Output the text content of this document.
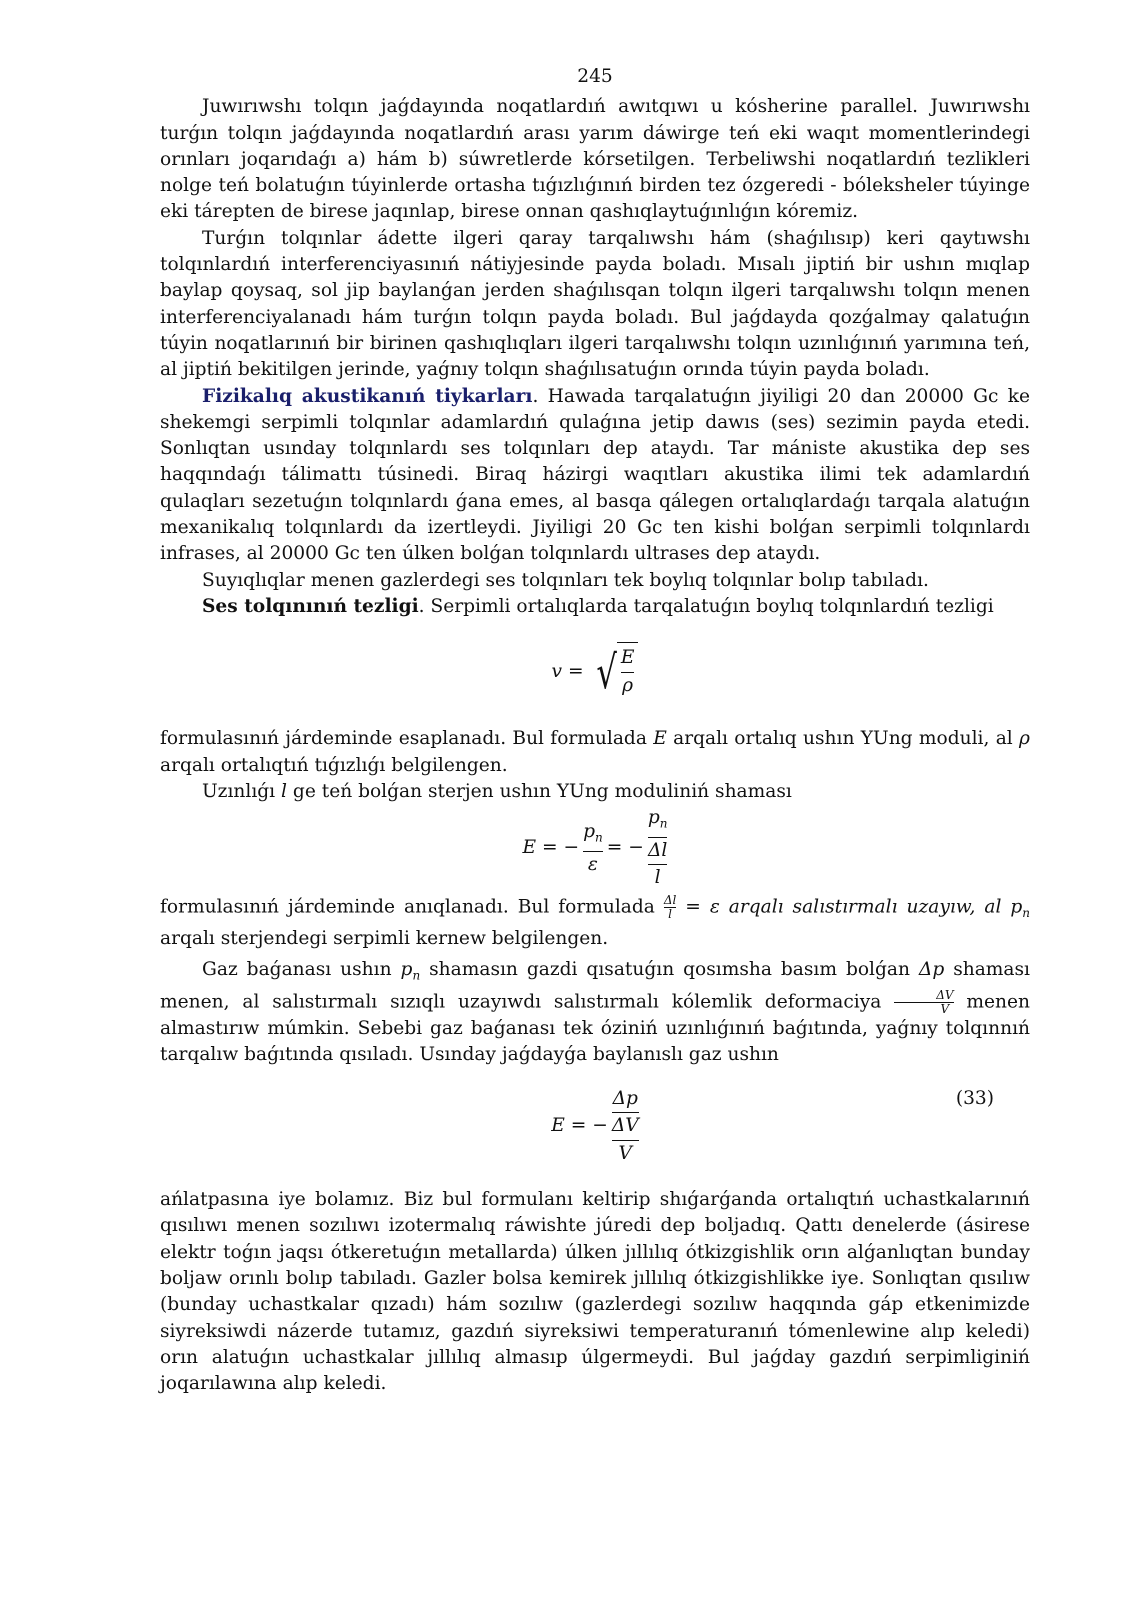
245

Juwırıwshı tolqın jaǵdayında noqatlardıń awıtqıwı u kósherine parallel. Juwırıwshı turǵın tolqın jaǵdayında noqatlardıń arası yarım dáwirge teń eki waqıt momentlerindegi orınları joqarıdaǵı a) hám b) súwretlerde kórsetilgen. Terbeliwshi noqatlardıń tezlikleri nolge teń bolatuǵın túyinlerde ortasha tıǵızlıǵınıń birden tez ózgeredi - bóleksheler túyinge eki tárepten de birese jaqınlap, birese onnan qashıqlaytuǵınlıǵın kóremiz.

Turǵın tolqınlar ádette ilgeri qaray tarqalıwshı hám (shaǵılısıp) keri qaytıwshı tolqınlardıń interferenciyasınıń nátiyjesinde payda boladı. Mısalı jiptiń bir ushın mıqlap baylap qoysaq, sol jip baylanǵan jerden shaǵılısqan tolqın ilgeri tarqalıwshı tolqın menen interferenciyalanadı hám turǵın tolqın payda boladı. Bul jaǵdayda qozǵalmay qalatuǵın túyin noqatlarınıń bir birinen qashıqlıqları ilgeri tarqalıwshı tolqın uzınlıǵınıń yarımına teń, al jiptiń bekitilgen jerinde, yaǵnıy tolqın shaǵılısatuǵın orında túyin payda boladı.

Fizikalıq akustikanıń tiykarları. Hawada tarqalatuǵın jiyiligi 20 dan 20000 Gc ke shekemgi serpimli tolqınlar adamlardıń qulaǵına jetip dawıs (ses) sezimin payda etedi. Sonlıqtan usınday tolqınlardı ses tolqınları dep ataydı. Tar mániste akustika dep ses haqqındaǵı tálimattı túsinedi. Biraq házirgi waqıtları akustika ilimi tek adamlardıń qulaqları sezetuǵın tolqınlardı ǵana emes, al basqa qálegen ortalıqlardaǵı tarqala alatuǵın mexanikalıq tolqınlardı da izertleydi. Jiyiligi 20 Gc ten kishi bolǵan serpimli tolqınlardı infrases, al 20000 Gc ten úlken bolǵan tolqınlardı ultrases dep ataydı.

Suyıqlıqlar menen gazlerdegi ses tolqınları tek boylıq tolqınlar bolıp tabıladı.

Ses tolqınınıń tezligi. Serpimli ortalıqlarda tarqalatuǵın boylıq tolqınlardıń tezligi

v = √ E
ρ

formulasınıń járdeminde esaplanadı. Bul formulada E arqalı ortalıq ushın YUng moduli, al ρ arqalı ortalıqtıń tıǵızlıǵı belgilengen.

Uzınlıǵı l ge teń bolǵan sterjen ushın YUng moduliniń shaması

E = − $\frac{p_n}{\varepsilon}$ = − $\frac{p_n}{\frac{\Delta l}{l}}$

formulasınıń járdeminde anıqlanadı. Bul formulada $\frac{\Delta l}{l} = \varepsilon$ arqalı salıstırmalı uzayıw, al $p_n$ arqalı sterjendegi serpimli kernew belgilengen.

Gaz baǵanası ushın $p_n$ shamasın gazdi qısatuǵın qosımsha basım bolǵan Δp shaması menen, al salıstırmalı sızıqlı uzayıwdı salıstırmalı kólemlik deformaciya $\frac{\Delta V}{V}$ menen almastırıw múmkin. Sebebi gaz baǵanası tek óziniń uzınlıǵınıń baǵıtında, yaǵnıy tolqınnıń tarqalıw baǵıtında qısıladı. Usınday jaǵdayǵa baylanıslı gaz ushın

E = − $\frac{\Delta p}{\frac{\Delta V}{V}}$	(33)

ańlatpasına iye bolamız. Biz bul formulanı keltirip shıǵarǵanda ortalıqtıń uchastkalarınıń qısılıwı menen sozılıwı izotermalıq ráwishte júredi dep boljadıq. Qattı denelerde (ásirese elektr toǵın jaqsı ótkeretuǵın metallarda) úlken jıllılıq ótkizgishlik orın alǵanlıqtan bunday boljaw orınlı bolıp tabıladı. Gazler bolsa kemirek jıllılıq ótkizgishlikke iye. Sonlıqtan qısılıw (bunday uchastkalar qızadı) hám sozılıw (gazlerdegi sozılıw haqqında gáp etkenimizde siyreksiwdi názerde tutamız, gazdıń siyreksiwi temperaturanıń tómenlewine alıp keledi) orın alatuǵın uchastkalar jıllılıq almasıp úlgermeydi. Bul jaǵday gazdıń serpimliginiń joqarılawına alıp keledi.
